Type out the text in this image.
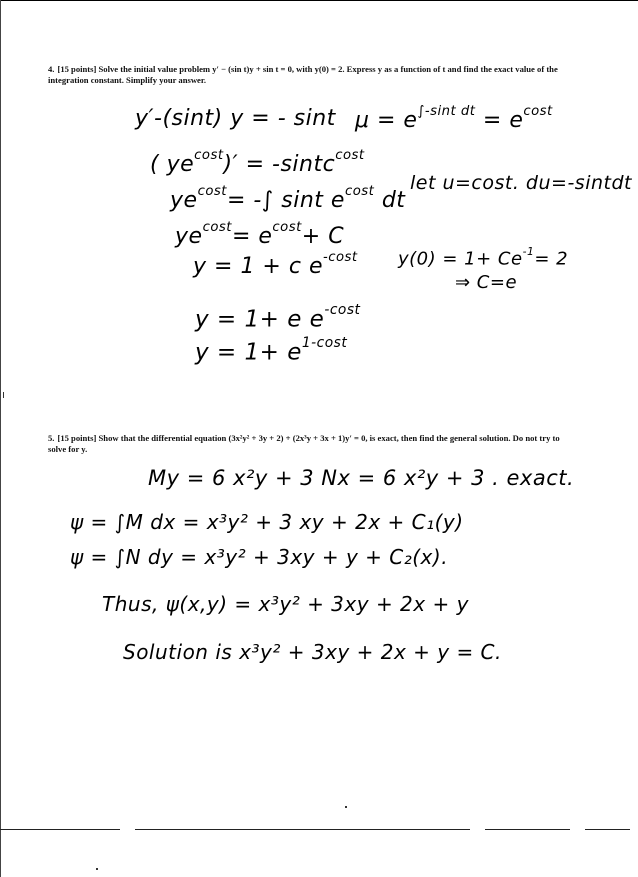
4. [15 points] Solve the initial value problem y′ − (sin t)y + sin t = 0, with y(0) = 2. Express y as a function of t and find the exact value of the integration constant. Simplify your answer.
y′-(sint) y = - sint $\mu = e^{\int-sint dt} = e^{cost}$
( $ye^{cost})'$ = -sintc$^{cost}$
$ye^{cost}=$ -∫ sint $e^{cost}$ dt
let u=cost. du=-sintdt
$ye^{cost}= e^{cost}+ C$
y = 1 + c $e^{-cost}$ $y(0) = 1+ Ce^{-1}= 2$
⇒ C=e
y = 1+ e $e^{-cost}$
$y = 1+ e^{1-cost}$
5. [15 points] Show that the differential equation (3x²y² + 3y + 2) + (2x³y + 3x + 1)y′ = 0, is exact, then find the general solution. Do not try to solve for y.
My = 6 x²y + 3 Nx = 6 x²y + 3 . exact.
ψ = ∫M dx = x³y² + 3 xy + 2x + C₁(y)
ψ = ∫N dy = x³y² + 3xy + y + C₂(x).
Thus, ψ(x,y) = x³y² + 3xy + 2x + y
Solution is x³y² + 3xy + 2x + y = C.
